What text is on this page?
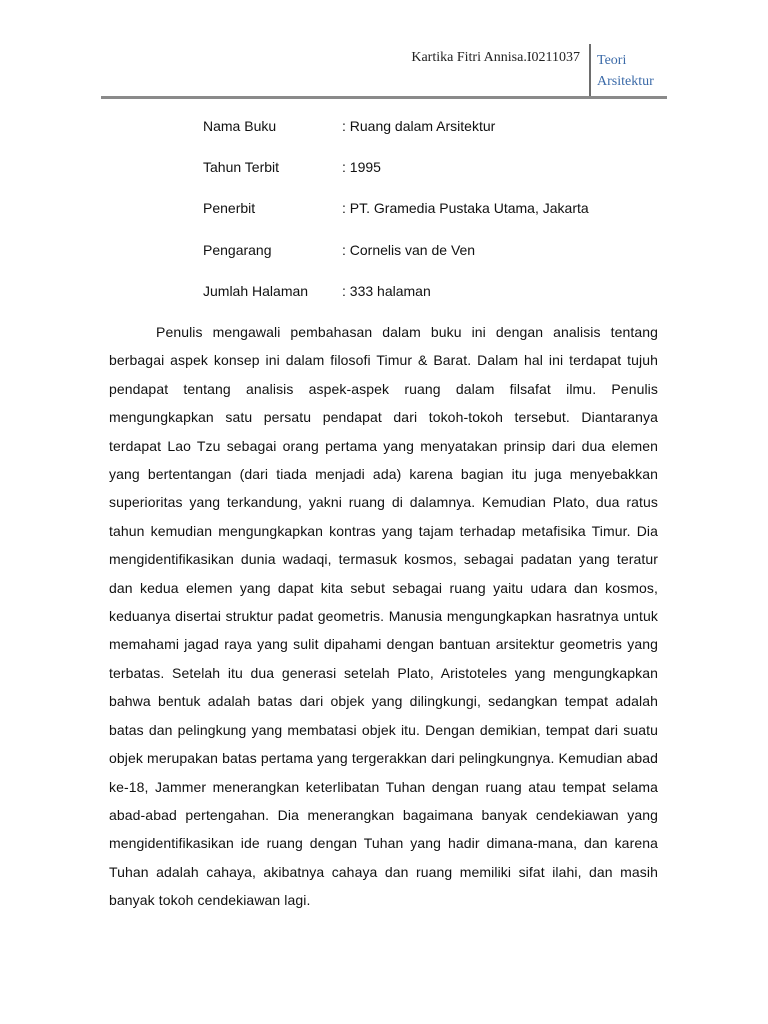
Kartika Fitri Annisa.I0211037 Teori
Arsitektur
Nama Buku	: Ruang dalam Arsitektur
Tahun Terbit	: 1995
Penerbit	: PT. Gramedia Pustaka Utama, Jakarta
Pengarang	: Cornelis van de Ven
Jumlah Halaman : 333 halaman

Penulis mengawali pembahasan dalam buku ini dengan analisis tentang berbagai aspek konsep ini dalam filosofi Timur & Barat. Dalam hal ini terdapat tujuh pendapat tentang analisis aspek-aspek ruang dalam filsafat ilmu. Penulis mengungkapkan satu persatu pendapat dari tokoh-tokoh tersebut. Diantaranya terdapat Lao Tzu sebagai orang pertama yang menyatakan prinsip dari dua elemen yang bertentangan (dari tiada menjadi ada) karena bagian itu juga menyebakkan superioritas yang terkandung, yakni ruang di dalamnya. Kemudian Plato, dua ratus tahun kemudian mengungkapkan kontras yang tajam terhadap metafisika Timur. Dia mengidentifikasikan dunia wadaqi, termasuk kosmos, sebagai padatan yang teratur dan kedua elemen yang dapat kita sebut sebagai ruang yaitu udara dan kosmos, keduanya disertai struktur padat geometris. Manusia mengungkapkan hasratnya untuk memahami jagad raya yang sulit dipahami dengan bantuan arsitektur geometris yang terbatas. Setelah itu dua generasi setelah Plato, Aristoteles yang mengungkapkan bahwa bentuk adalah batas dari objek yang dilingkungi, sedangkan tempat adalah batas dan pelingkung yang membatasi objek itu. Dengan demikian, tempat dari suatu objek merupakan batas pertama yang tergerakkan dari pelingkungnya. Kemudian abad ke-18, Jammer menerangkan keterlibatan Tuhan dengan ruang atau tempat selama abad-abad pertengahan. Dia menerangkan bagaimana banyak cendekiawan yang mengidentifikasikan ide ruang dengan Tuhan yang hadir dimana-mana, dan karena Tuhan adalah cahaya, akibatnya cahaya dan ruang memiliki sifat ilahi, dan masih banyak tokoh cendekiawan lagi.
